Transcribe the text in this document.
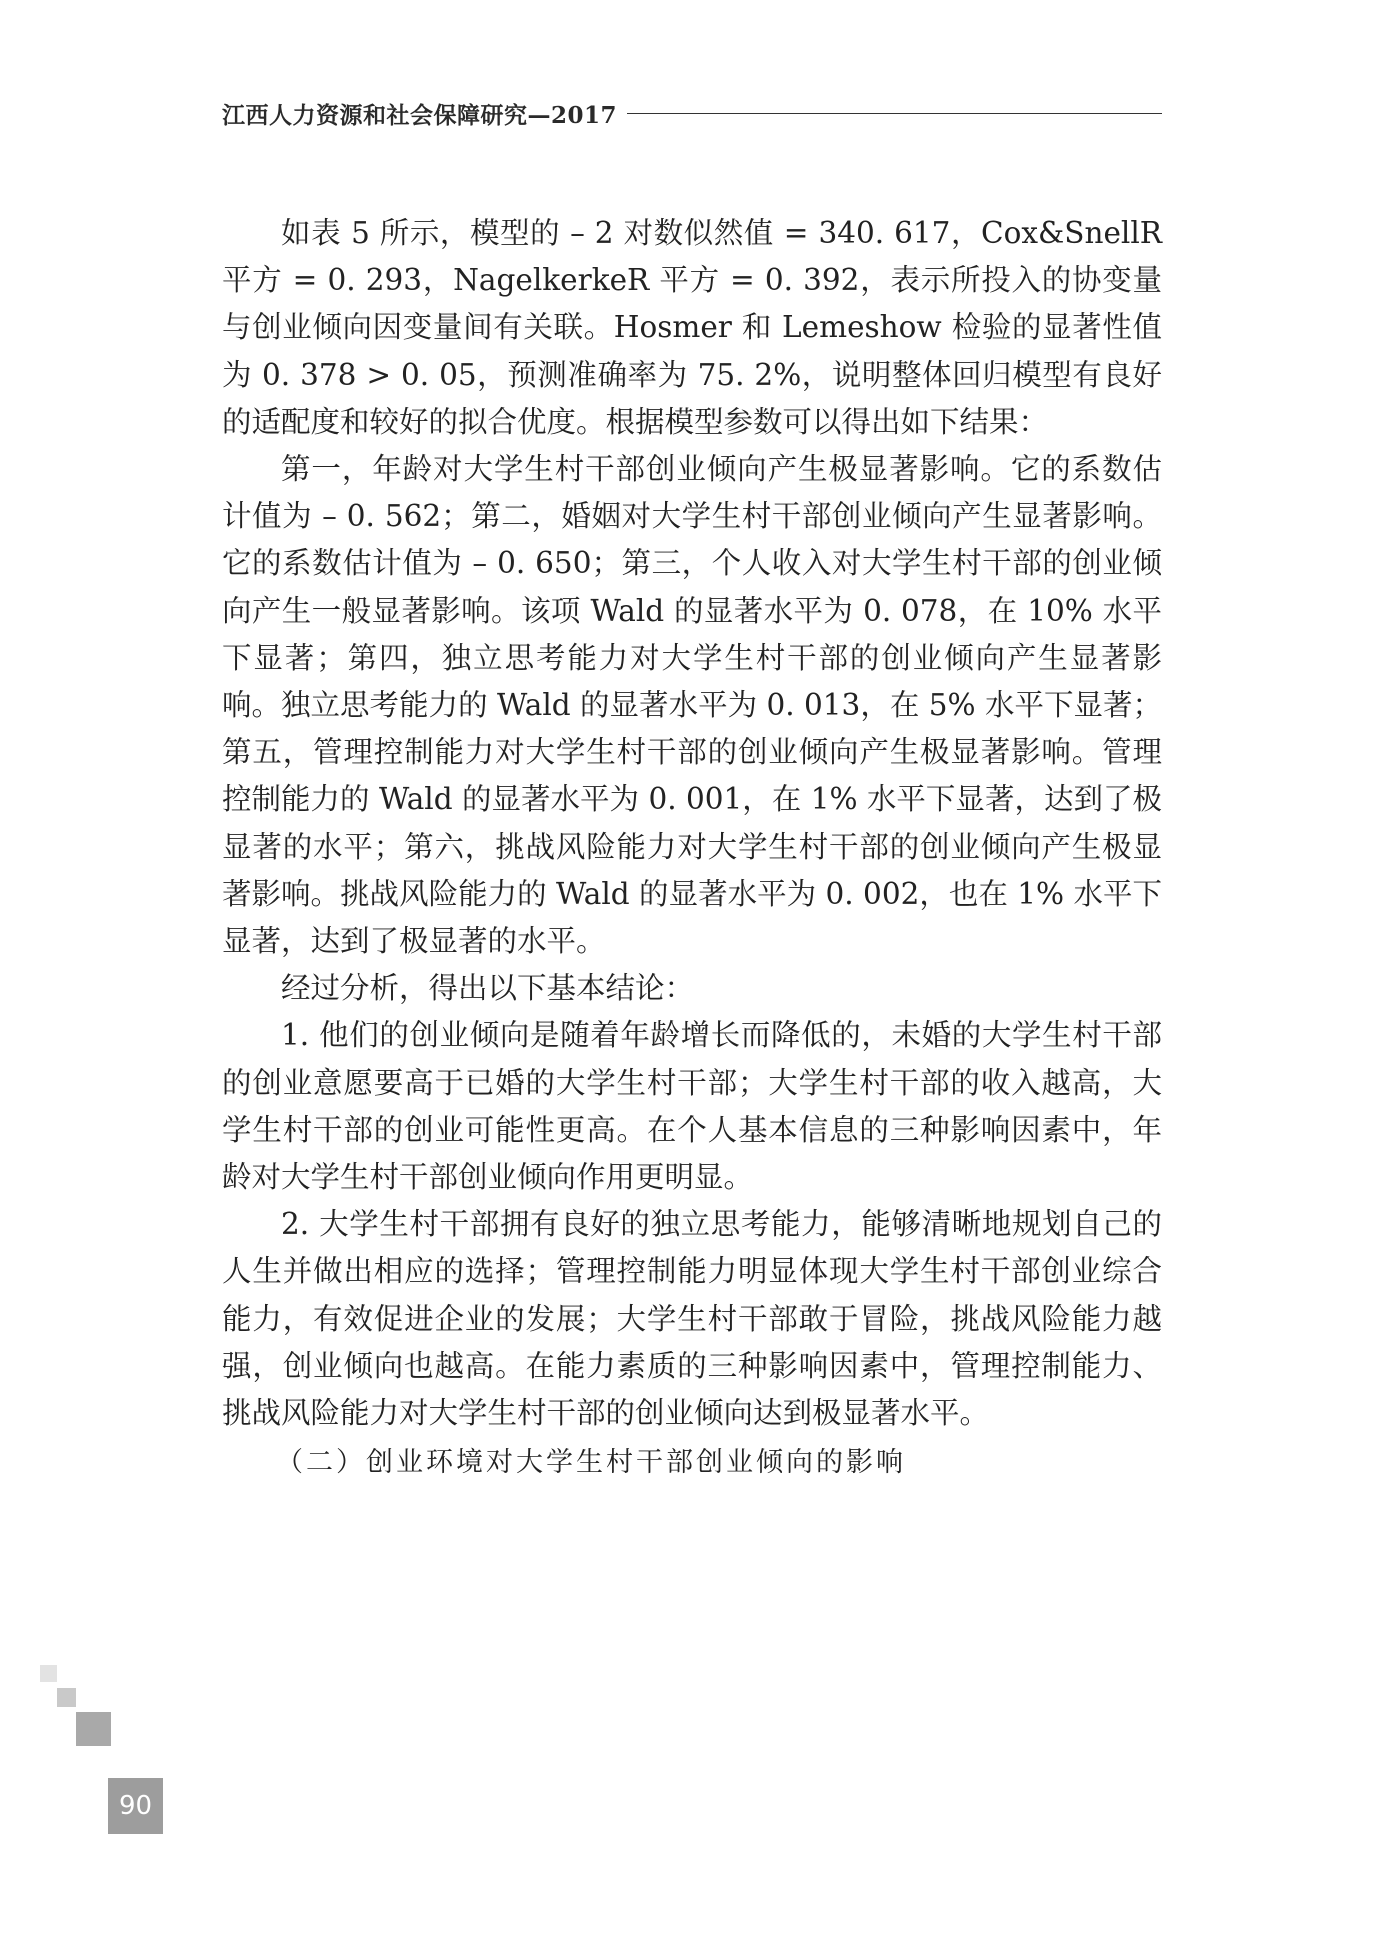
江西人力资源和社会保障研究—2017

如表 5 所示，模型的 – 2 对数似然值 = 340. 617，Cox&SnellR 平方 = 0. 293，NagelkerkeR 平方 = 0. 392，表示所投入的协变量与创业倾向因变量间有关联。Hosmer 和 Lemeshow 检验的显著性值为 0. 378 > 0. 05，预测准确率为 75. 2%，说明整体回归模型有良好的适配度和较好的拟合优度。根据模型参数可以得出如下结果：

第一，年龄对大学生村干部创业倾向产生极显著影响。它的系数估计值为 – 0. 562；第二，婚姻对大学生村干部创业倾向产生显著影响。它的系数估计值为 – 0. 650；第三，个人收入对大学生村干部的创业倾向产生一般显著影响。该项 Wald 的显著水平为 0. 078，在 10% 水平下显著；第四，独立思考能力对大学生村干部的创业倾向产生显著影响。独立思考能力的 Wald 的显著水平为 0. 013，在 5% 水平下显著；第五，管理控制能力对大学生村干部的创业倾向产生极显著影响。管理控制能力的 Wald 的显著水平为 0. 001，在 1% 水平下显著，达到了极显著的水平；第六，挑战风险能力对大学生村干部的创业倾向产生极显著影响。挑战风险能力的 Wald 的显著水平为 0. 002，也在 1% 水平下显著，达到了极显著的水平。

经过分析，得出以下基本结论：

1. 他们的创业倾向是随着年龄增长而降低的，未婚的大学生村干部的创业意愿要高于已婚的大学生村干部；大学生村干部的收入越高，大学生村干部的创业可能性更高。在个人基本信息的三种影响因素中，年龄对大学生村干部创业倾向作用更明显。

2. 大学生村干部拥有良好的独立思考能力，能够清晰地规划自己的人生并做出相应的选择；管理控制能力明显体现大学生村干部创业综合能力，有效促进企业的发展；大学生村干部敢于冒险，挑战风险能力越强，创业倾向也越高。在能力素质的三种影响因素中，管理控制能力、挑战风险能力对大学生村干部的创业倾向达到极显著水平。

（二）创业环境对大学生村干部创业倾向的影响

90
